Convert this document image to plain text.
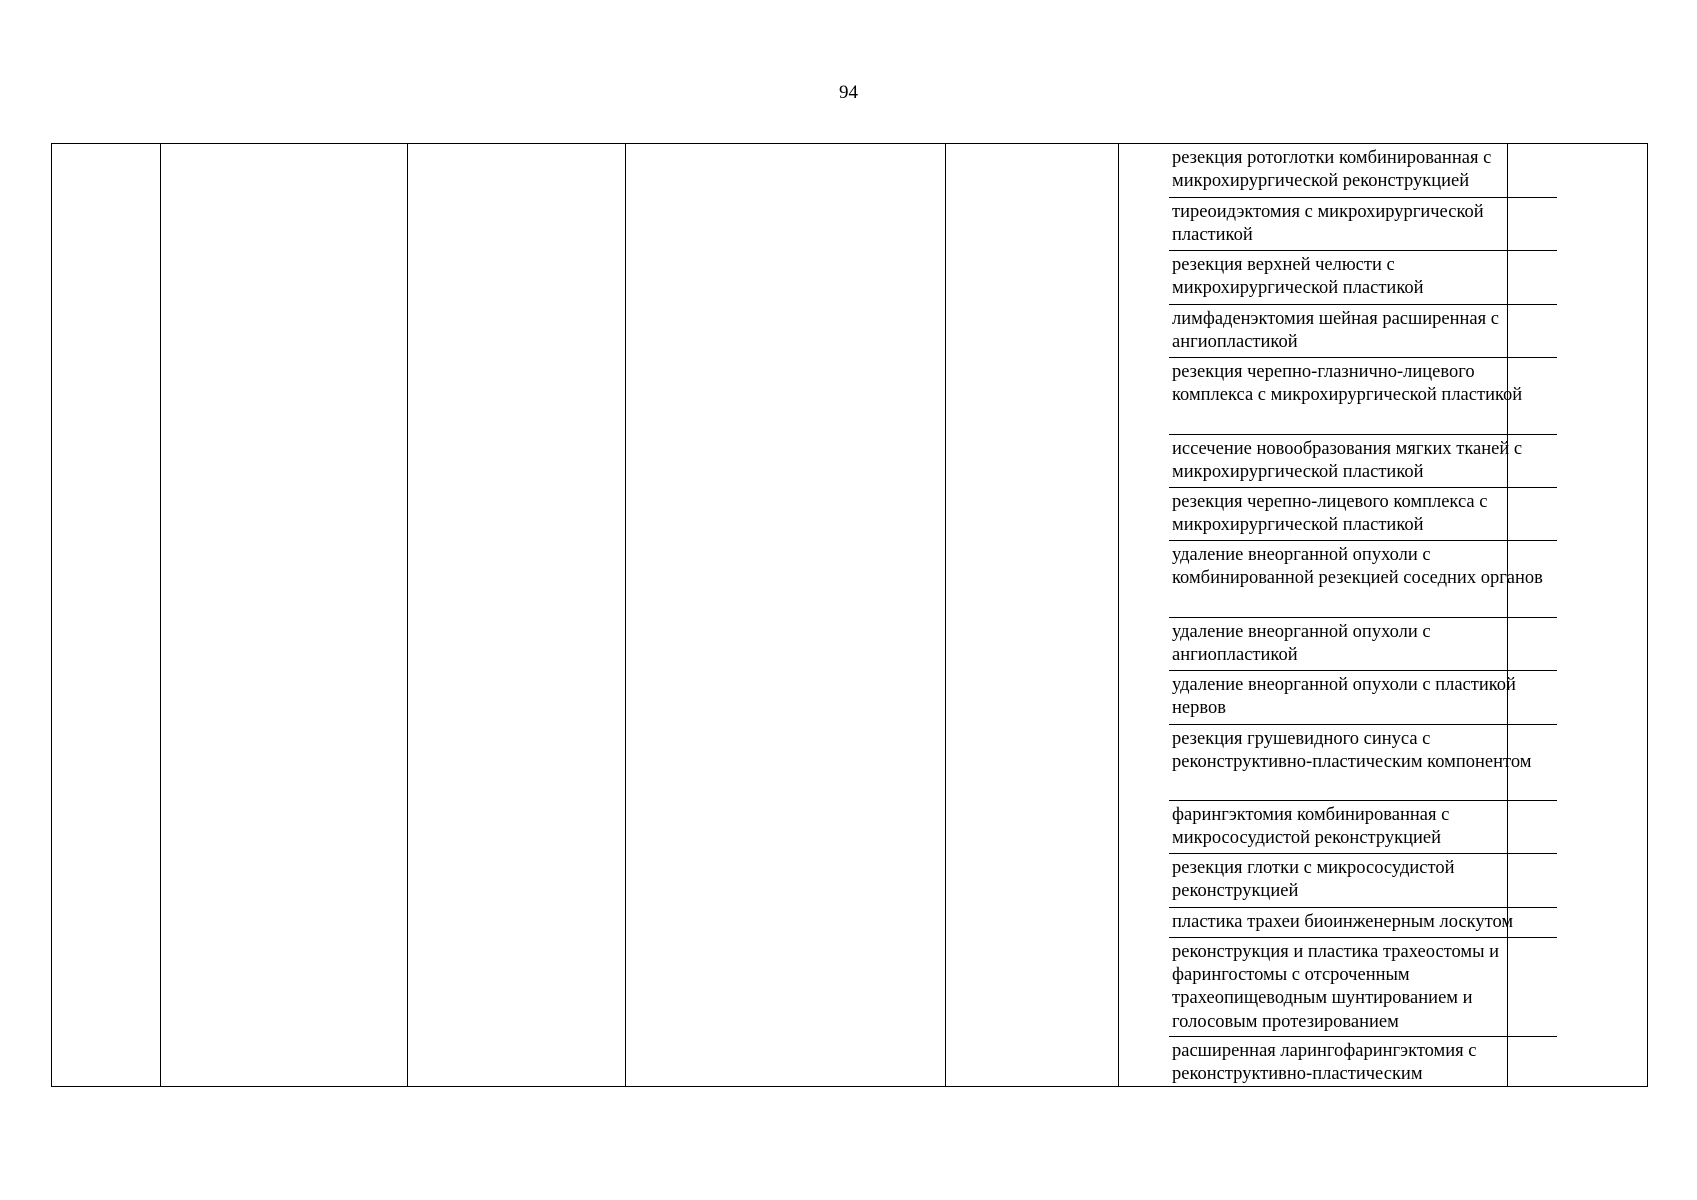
94
резекция ротоглотки комбинированная с микрохирургической реконструкцией
тиреоидэктомия с микрохирургической пластикой
резекция верхней челюсти с микрохирургической пластикой
лимфаденэктомия шейная расширенная с ангиопластикой
резекция черепно-глазнично-лицевого комплекса с микрохирургической пластикой
иссечение новообразования мягких тканей с микрохирургической пластикой
резекция черепно-лицевого комплекса с микрохирургической пластикой
удаление внеорганной опухоли с комбинированной резекцией соседних органов
удаление внеорганной опухоли с ангиопластикой
удаление внеорганной опухоли с пластикой нервов
резекция грушевидного синуса с реконструктивно-пластическим компонентом
фарингэктомия комбинированная с микрососудистой реконструкцией
резекция глотки с микрососудистой реконструкцией
пластика трахеи биоинженерным лоскутом
реконструкция и пластика трахеостомы и фарингостомы с отсроченным трахеопищеводным шунтированием и голосовым протезированием
расширенная ларингофарингэктомия с реконструктивно-пластическим
